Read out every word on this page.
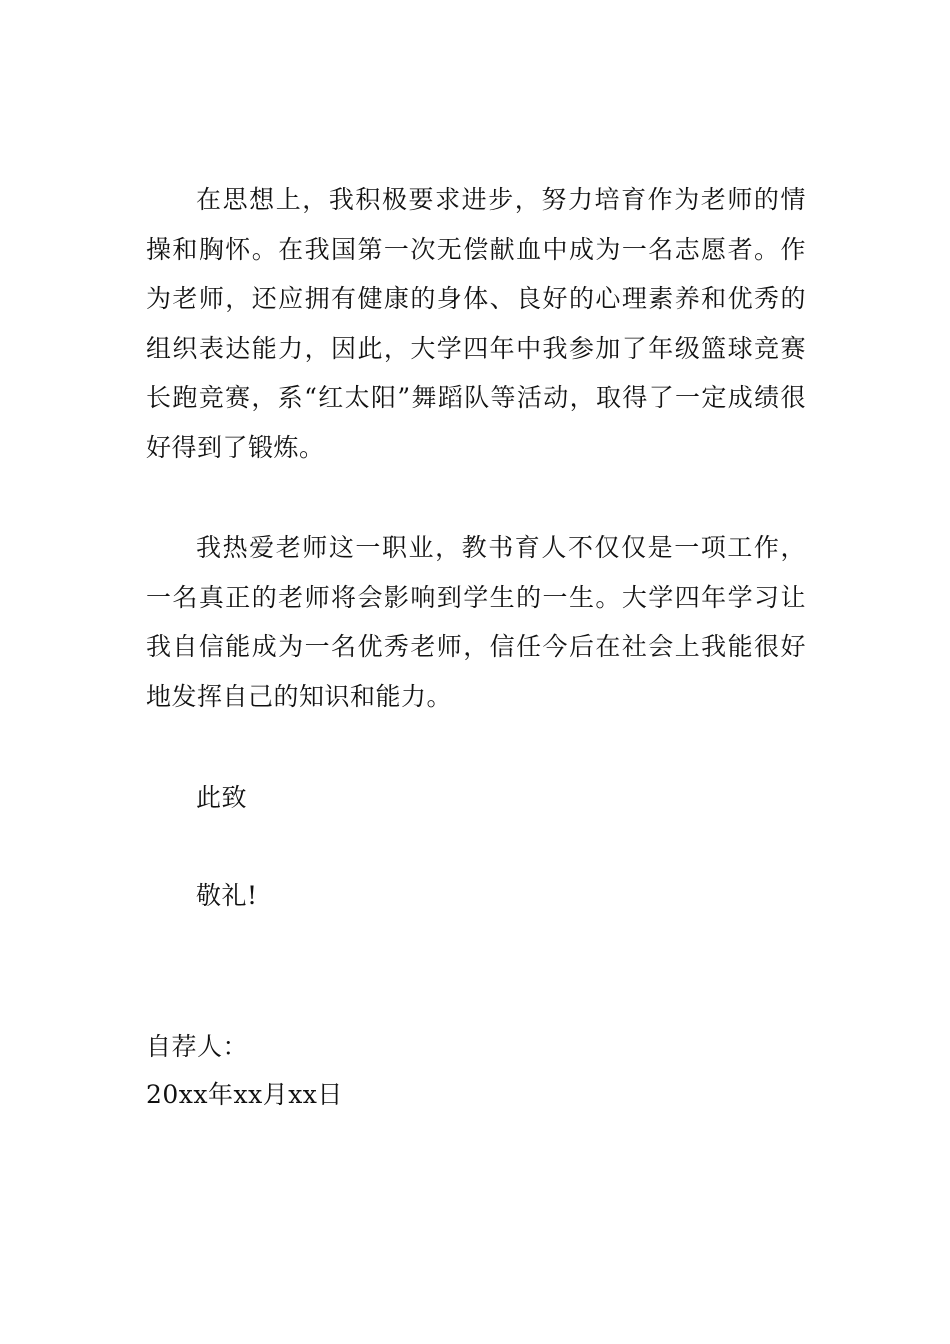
在思想上，我积极要求进步，努力培育作为老师的情操和胸怀。在我国第一次无偿献血中成为一名志愿者。作为老师，还应拥有健康的身体、良好的心理素养和优秀的组织表达能力，因此，大学四年中我参加了年级篮球竞赛长跑竞赛，系“红太阳”舞蹈队等活动，取得了一定成绩很好得到了锻炼。

我热爱老师这一职业，教书育人不仅仅是一项工作，一名真正的老师将会影响到学生的一生。大学四年学习让我自信能成为一名优秀老师，信任今后在社会上我能很好地发挥自己的知识和能力。

此致

敬礼!

自荐人：

20xx年xx月xx日
